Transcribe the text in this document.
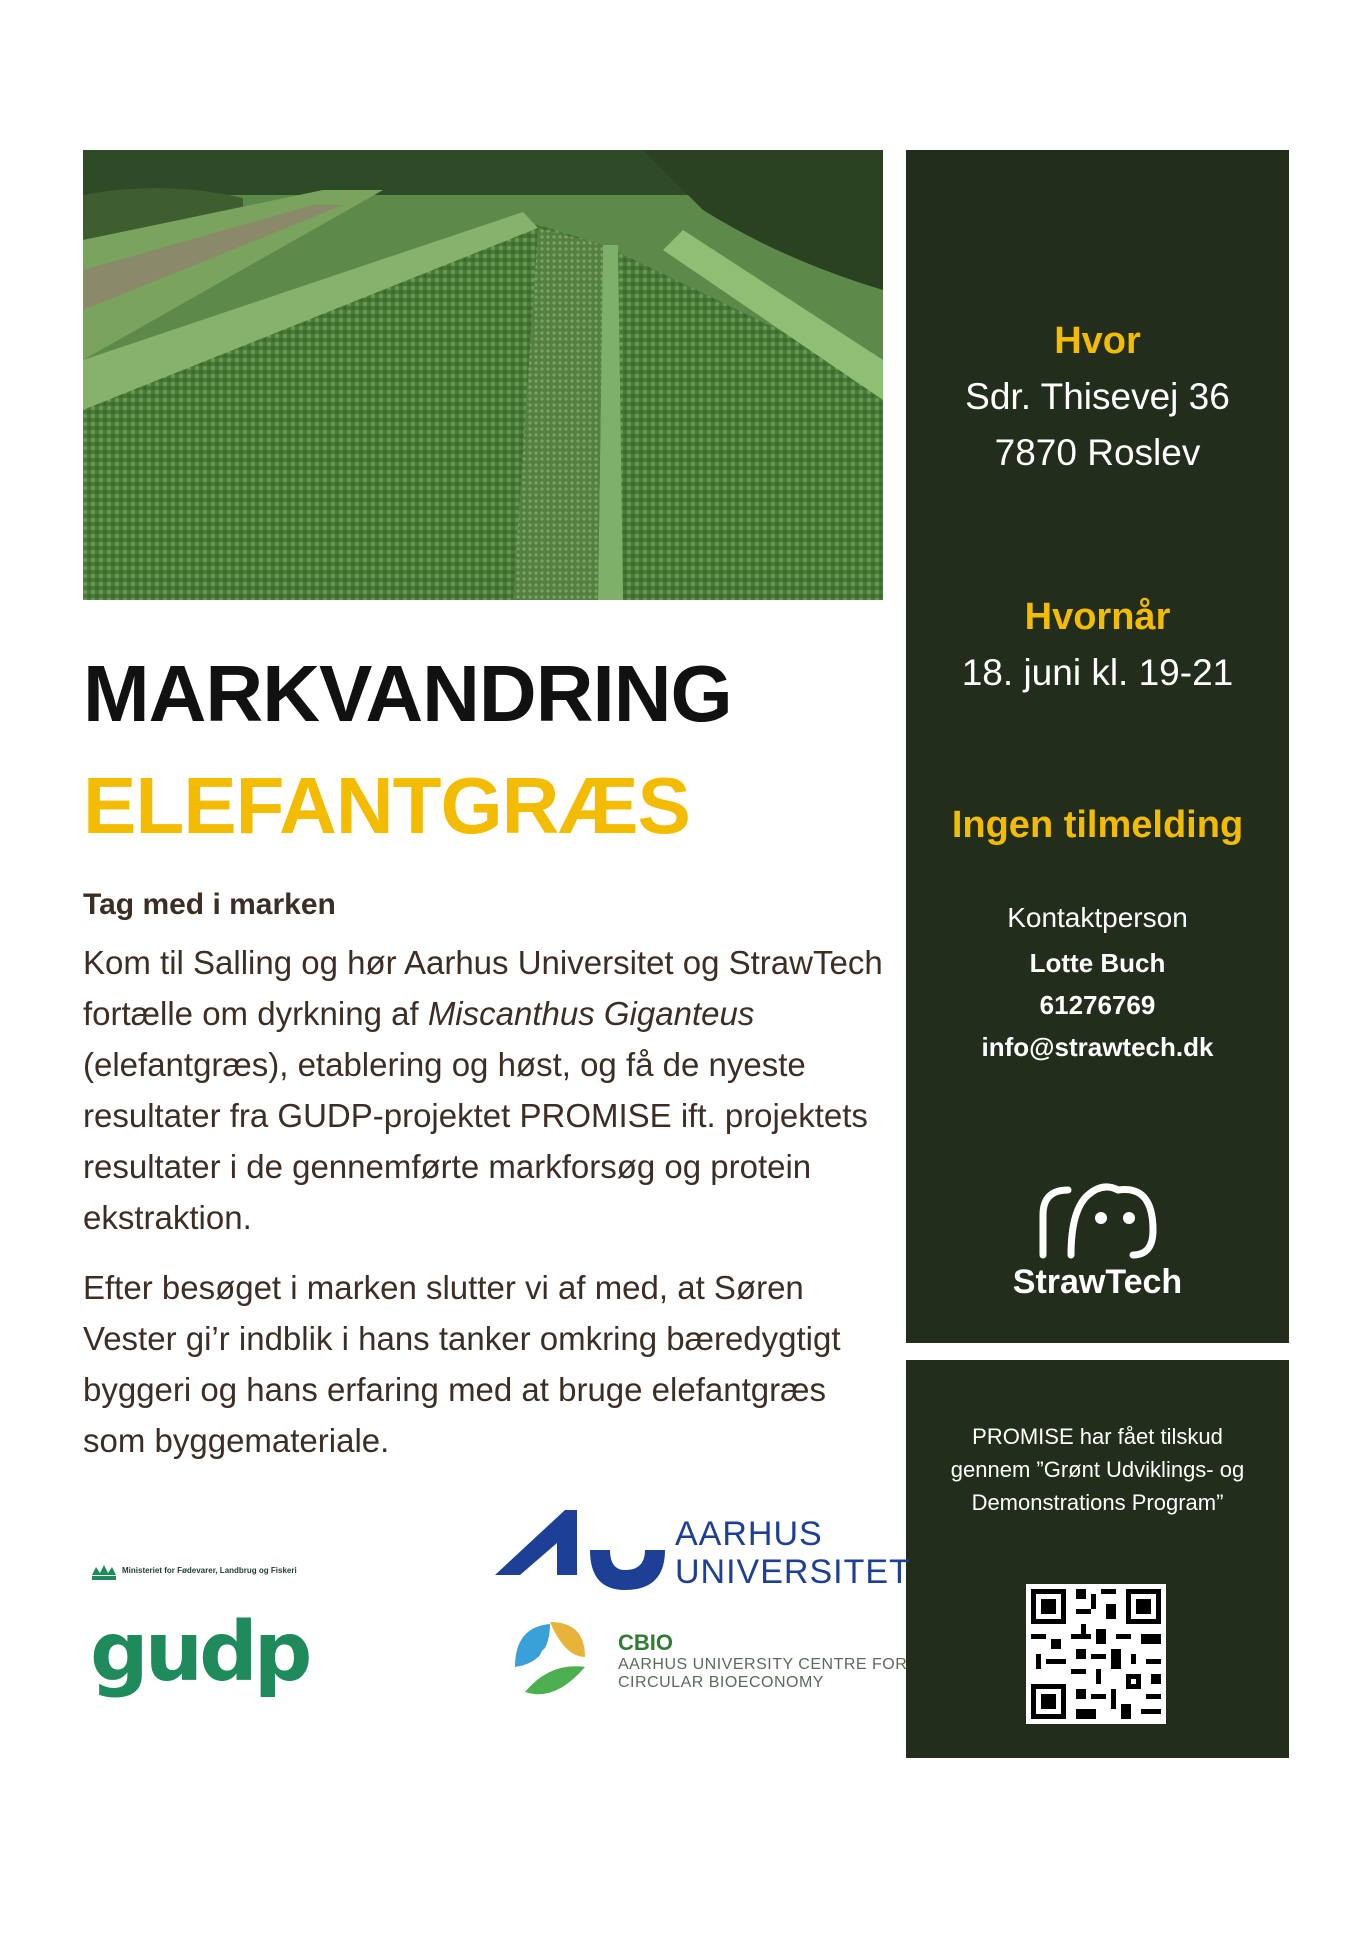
MARKVANDRING
ELEFANTGRÆS
Tag med i marken
Kom til Salling og hør Aarhus Universitet og StrawTech fortælle om dyrkning af Miscanthus Giganteus (elefantgræs), etablering og høst, og få de nyeste resultater fra GUDP-projektet PROMISE ift. projektets resultater i de gennemførte markforsøg og protein ekstraktion.
Efter besøget i marken slutter vi af med, at Søren Vester gi’r indblik i hans tanker omkring bæredygtigt byggeri og hans erfaring med at bruge elefantgræs som byggemateriale.
Hvor
Sdr. Thisevej 36
7870 Roslev
Hvornår
18. juni kl. 19-21
Ingen tilmelding
Kontaktperson
Lotte Buch
61276769
info@strawtech.dk
StrawTech
PROMISE har fået tilskud gennem ”Grønt Udviklings- og Demonstrations Program”
Ministeriet for Fødevarer, Landbrug og Fiskeri
gudp
AARHUS
UNIVERSITET
CBIO
AARHUS UNIVERSITY CENTRE FOR
CIRCULAR BIOECONOMY
